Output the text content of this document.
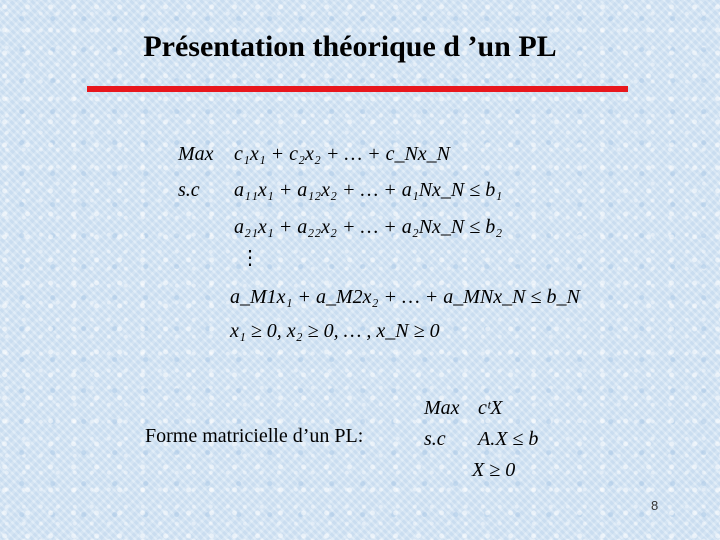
Présentation théorique d ’un PL
Max c₁x₁ + c₂x₂ + … + c_Nx_N
s.c a₁₁x₁ + a₁₂x₂ + … + a₁Nx_N ≤ b₁
a₂₁x₁ + a₂₂x₂ + … + a₂Nx_N ≤ b₂
⋮
a_M1x₁ + a_M2x₂ + … + a_MNx_N ≤ b_N
x₁ ≥ 0, x₂ ≥ 0, … , x_N ≥ 0
Forme matricielle d’un PL:
Max cᵗX
s.c A.X ≤ b
X ≥ 0
8
